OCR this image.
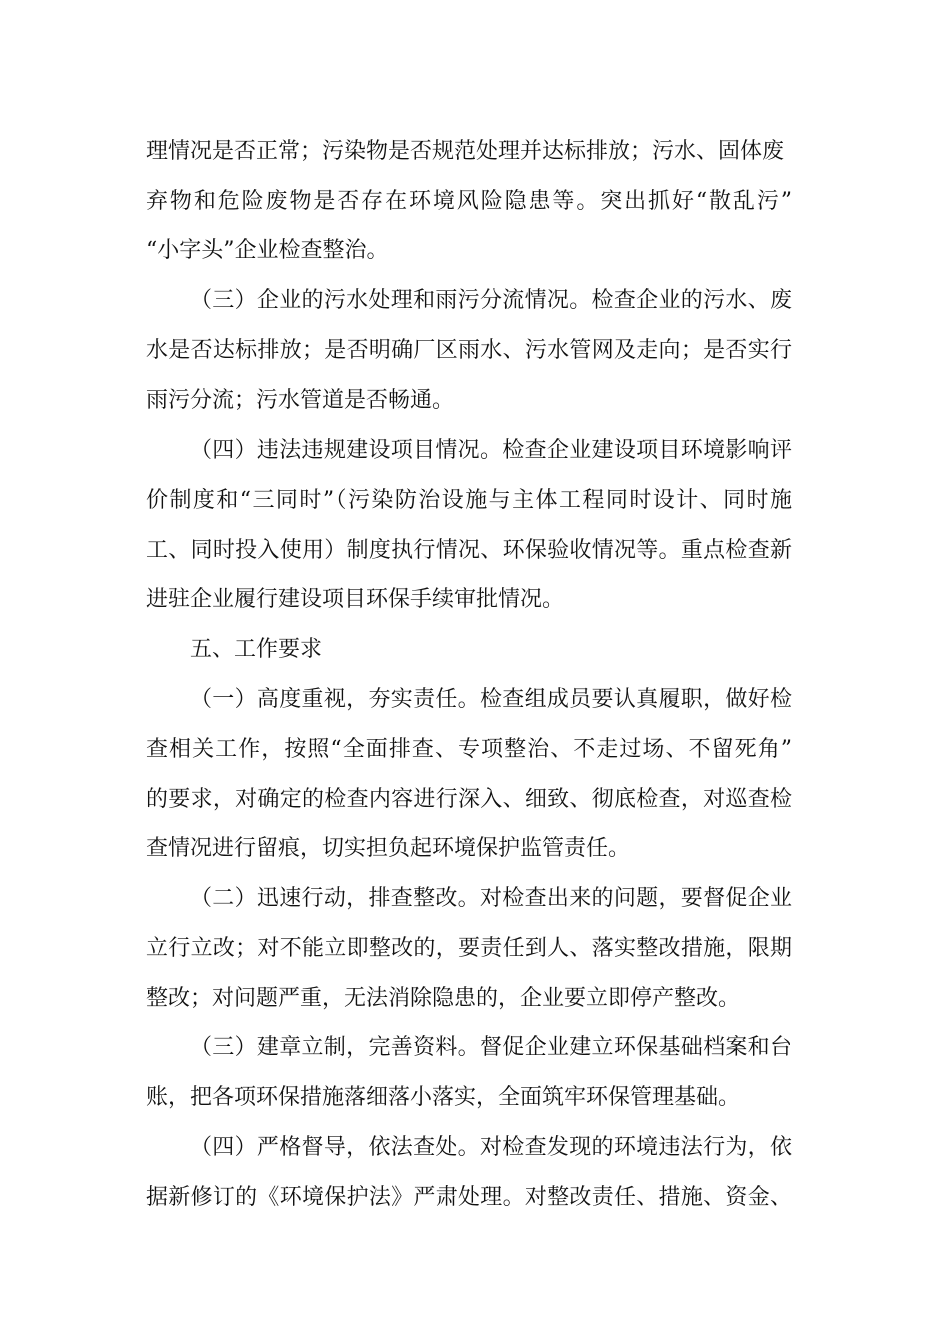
理情况是否正常；污染物是否规范处理并达标排放；污水、固体废
弃物和危险废物是否存在环境风险隐患等。突出抓好“散乱污”
“小字头”企业检查整治。
（三）企业的污水处理和雨污分流情况。检查企业的污水、废
水是否达标排放；是否明确厂区雨水、污水管网及走向；是否实行
雨污分流；污水管道是否畅通。
（四）违法违规建设项目情况。检查企业建设项目环境影响评
价制度和“三同时”（污染防治设施与主体工程同时设计、同时施
工、同时投入使用）制度执行情况、环保验收情况等。重点检查新
进驻企业履行建设项目环保手续审批情况。
五、工作要求
（一）高度重视，夯实责任。检查组成员要认真履职，做好检
查相关工作，按照“全面排查、专项整治、不走过场、不留死角”
的要求，对确定的检查内容进行深入、细致、彻底检查，对巡查检
查情况进行留痕，切实担负起环境保护监管责任。
（二）迅速行动，排查整改。对检查出来的问题，要督促企业
立行立改；对不能立即整改的，要责任到人、落实整改措施，限期
整改；对问题严重，无法消除隐患的，企业要立即停产整改。
（三）建章立制，完善资料。督促企业建立环保基础档案和台
账，把各项环保措施落细落小落实，全面筑牢环保管理基础。
（四）严格督导，依法查处。对检查发现的环境违法行为，依
据新修订的《环境保护法》严肃处理。对整改责任、措施、资金、
